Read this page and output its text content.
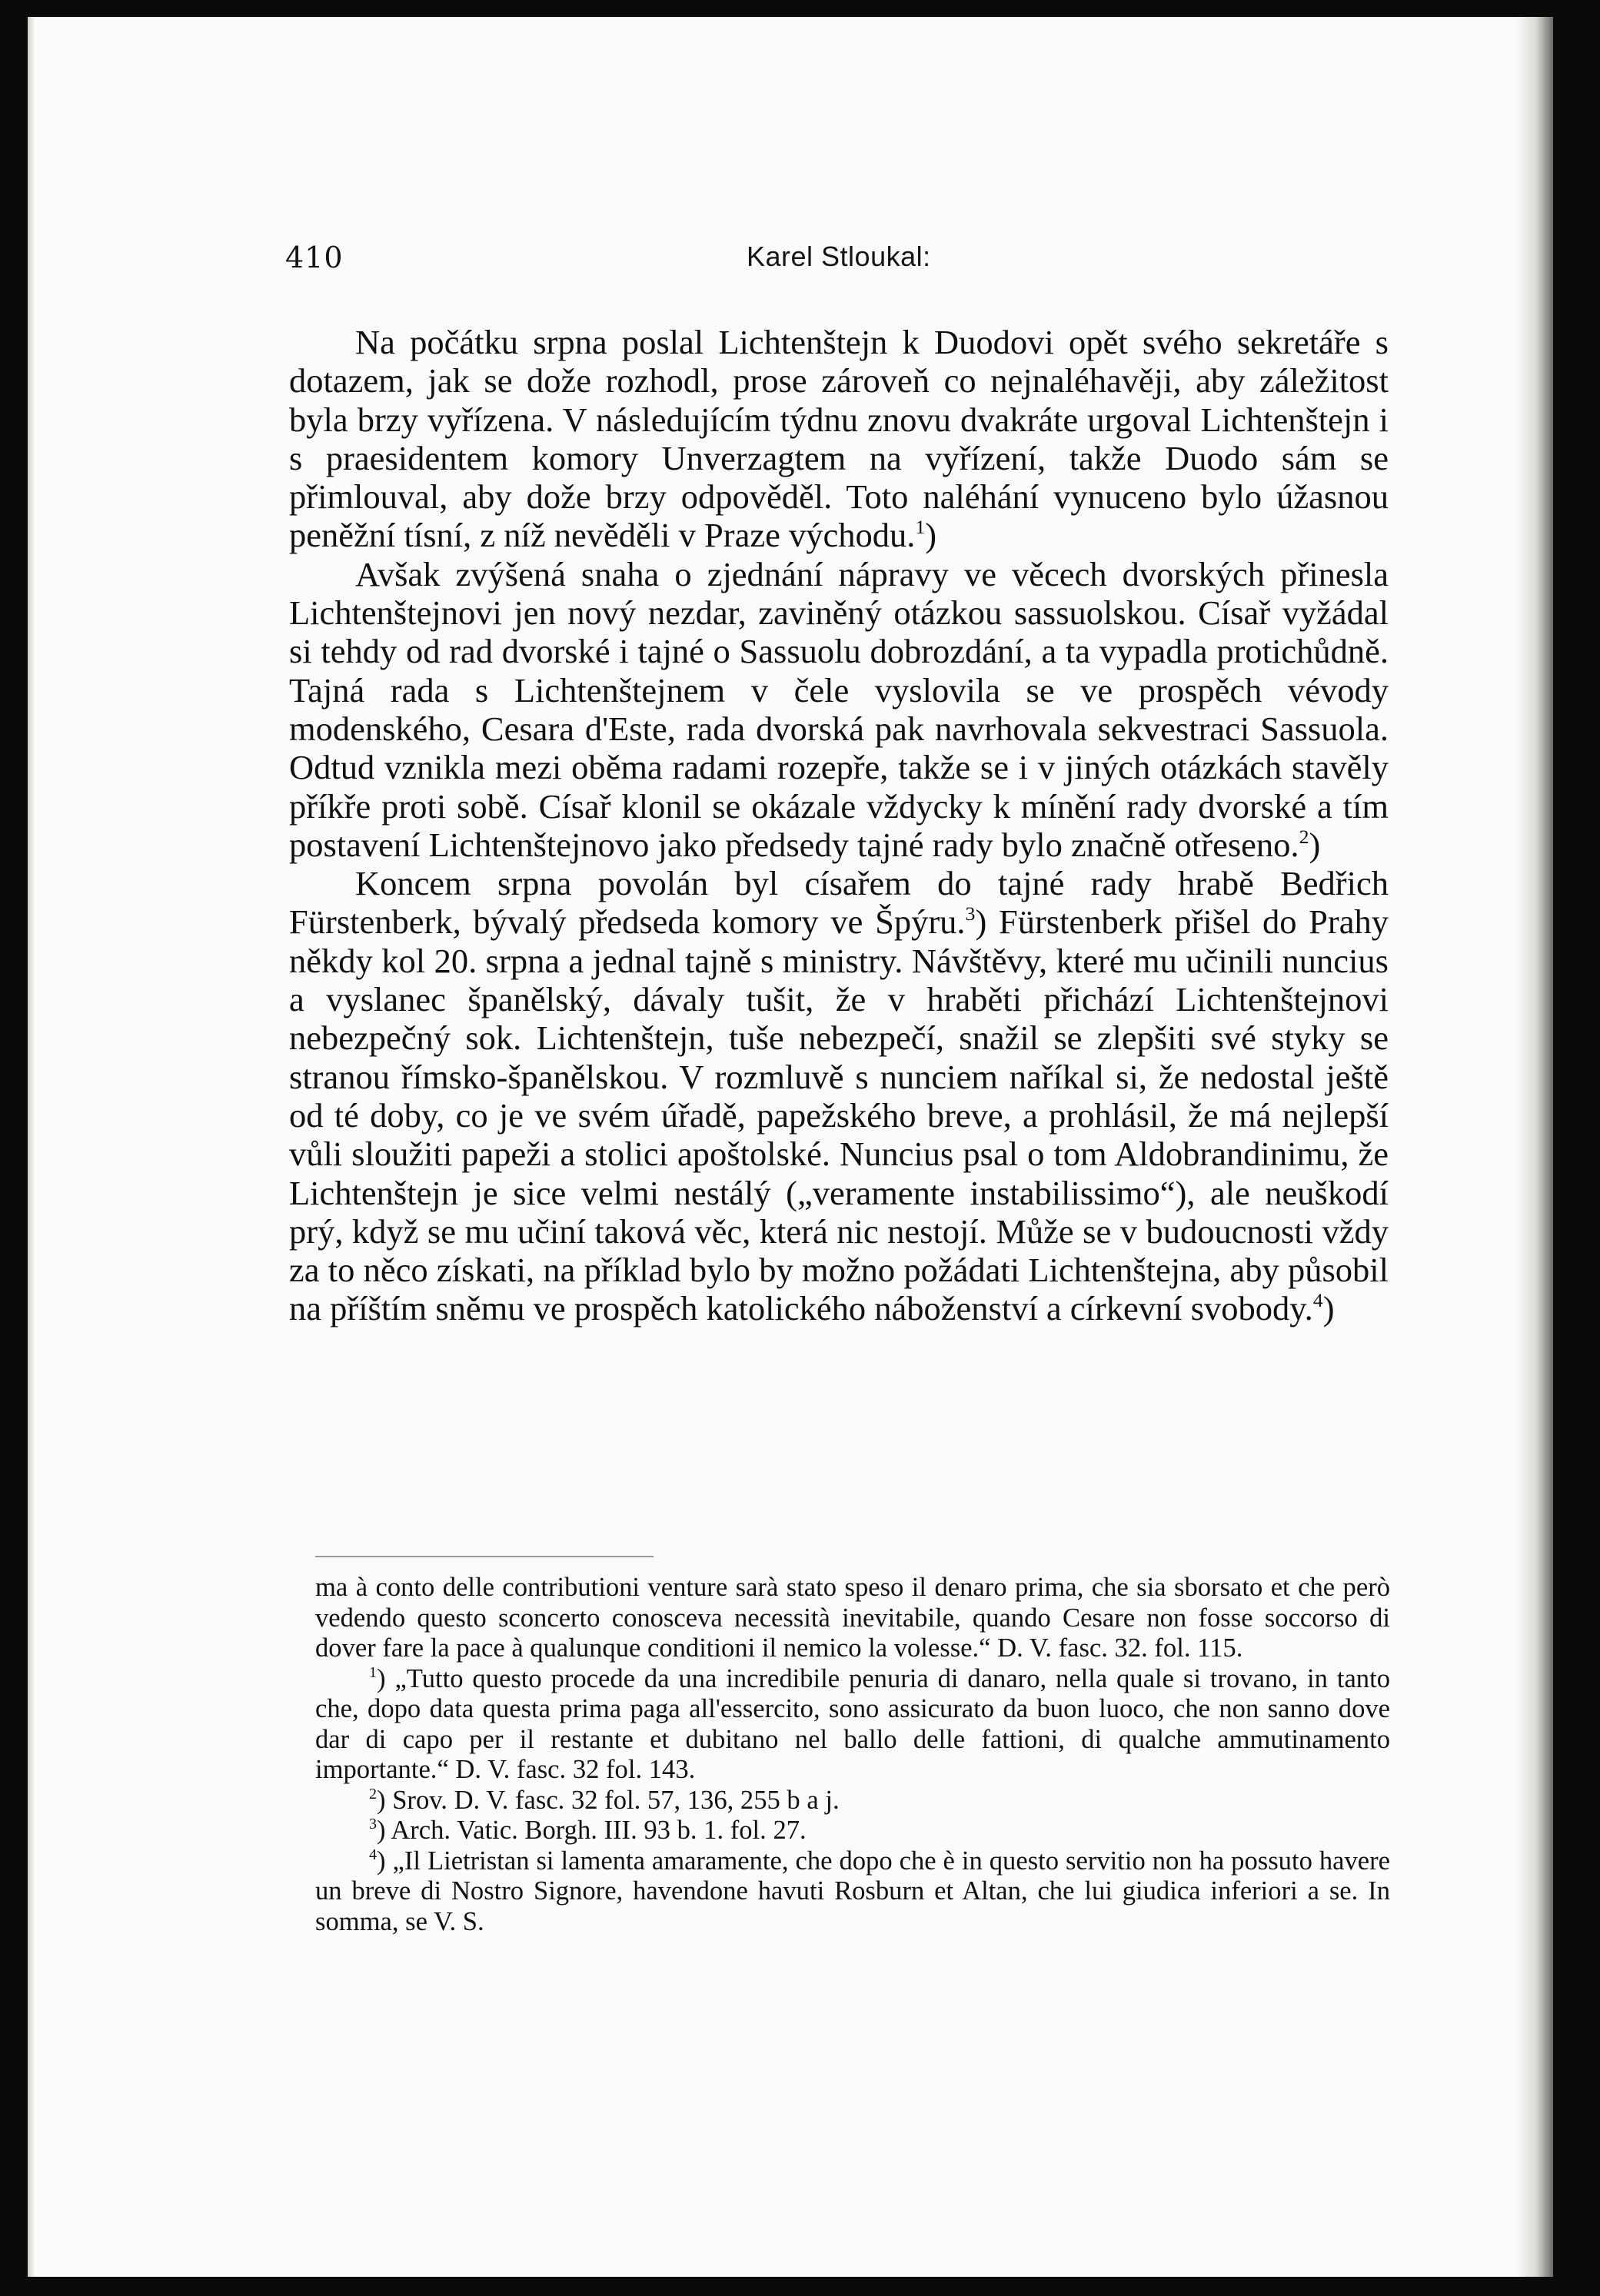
410	Karel Stloukal:

Na počátku srpna poslal Lichtenštejn k Duodovi opět svého sekretáře s dotazem, jak se dože rozhodl, prose zároveň co nejnaléhavěji, aby záležitost byla brzy vyřízena. V následujícím týdnu znovu dvakráte urgoval Lichtenštejn i s praesidentem komory Unverzagtem na vyřízení, takže Duodo sám se přimlouval, aby dože brzy odpověděl. Toto naléhání vynuceno bylo úžasnou peněžní tísní, z níž nevěděli v Praze východu.$^1$)

Avšak zvýšená snaha o zjednání nápravy ve věcech dvorských přinesla Lichtenštejnovi jen nový nezdar, zaviněný otázkou sassuolskou. Císař vyžádal si tehdy od rad dvorské i tajné o Sassuolu dobrozdání, a ta vypadla protichůdně. Tajná rada s Lichtenštejnem v čele vyslovila se ve prospěch vévody modenského, Cesara d'Este, rada dvorská pak navrhovala sekvestraci Sassuola. Odtud vznikla mezi oběma radami rozepře, takže se i v jiných otázkách stavěly příkře proti sobě. Císař klonil se okázale vždycky k mínění rady dvorské a tím postavení Lichtenštejnovo jako předsedy tajné rady bylo značně otřeseno.$^2$)

Koncem srpna povolán byl císařem do tajné rady hrabě Bedřich Fürstenberk, bývalý předseda komory ve Špýru.$^3$) Fürstenberk přišel do Prahy někdy kol 20. srpna a jednal tajně s ministry. Návštěvy, které mu učinili nuncius a vyslanec španělský, dávaly tušit, že v hraběti přichází Lichtenštejnovi nebezpečný sok. Lichtenštejn, tuše nebezpečí, snažil se zlepšiti své styky se stranou římsko-španělskou. V rozmluvě s nunciem naříkal si, že nedostal ještě od té doby, co je ve svém úřadě, papežského breve, a prohlásil, že má nejlepší vůli sloužiti papeži a stolici apoštolské. Nuncius psal o tom Aldobrandinimu, že Lichtenštejn je sice velmi nestálý („veramente instabilissimo“), ale neuškodí prý, když se mu učiní taková věc, která nic nestojí. Může se v budoucnosti vždy za to něco získati, na příklad bylo by možno požádati Lichtenštejna, aby působil na příštím sněmu ve prospěch katolického náboženství a církevní svobody.$^4$)

ma à conto delle contributioni venture sarà stato speso il denaro prima, che sia sborsato et che però vedendo questo sconcerto conosceva necessità inevitabile, quando Cesare non fosse soccorso di dover fare la pace à qualunque conditioni il nemico la volesse.“ D. V. fasc. 32. fol. 115.

$^1$) „Tutto questo procede da una incredibile penuria di danaro, nella quale si trovano, in tanto che, dopo data questa prima paga all'essercito, sono assicurato da buon luoco, che non sanno dove dar di capo per il restante et dubitano nel ballo delle fattioni, di qualche ammutinamento importante.“ D. V. fasc. 32 fol. 143.

$^2$) Srov. D. V. fasc. 32 fol. 57, 136, 255 b a j.

$^3$) Arch. Vatic. Borgh. III. 93 b. 1. fol. 27.

$^4$) „Il Lietristan si lamenta amaramente, che dopo che è in questo servitio non ha possuto havere un breve di Nostro Signore, havendone havuti Rosburn et Altan, che lui giudica inferiori a se. In somma, se V. S.
